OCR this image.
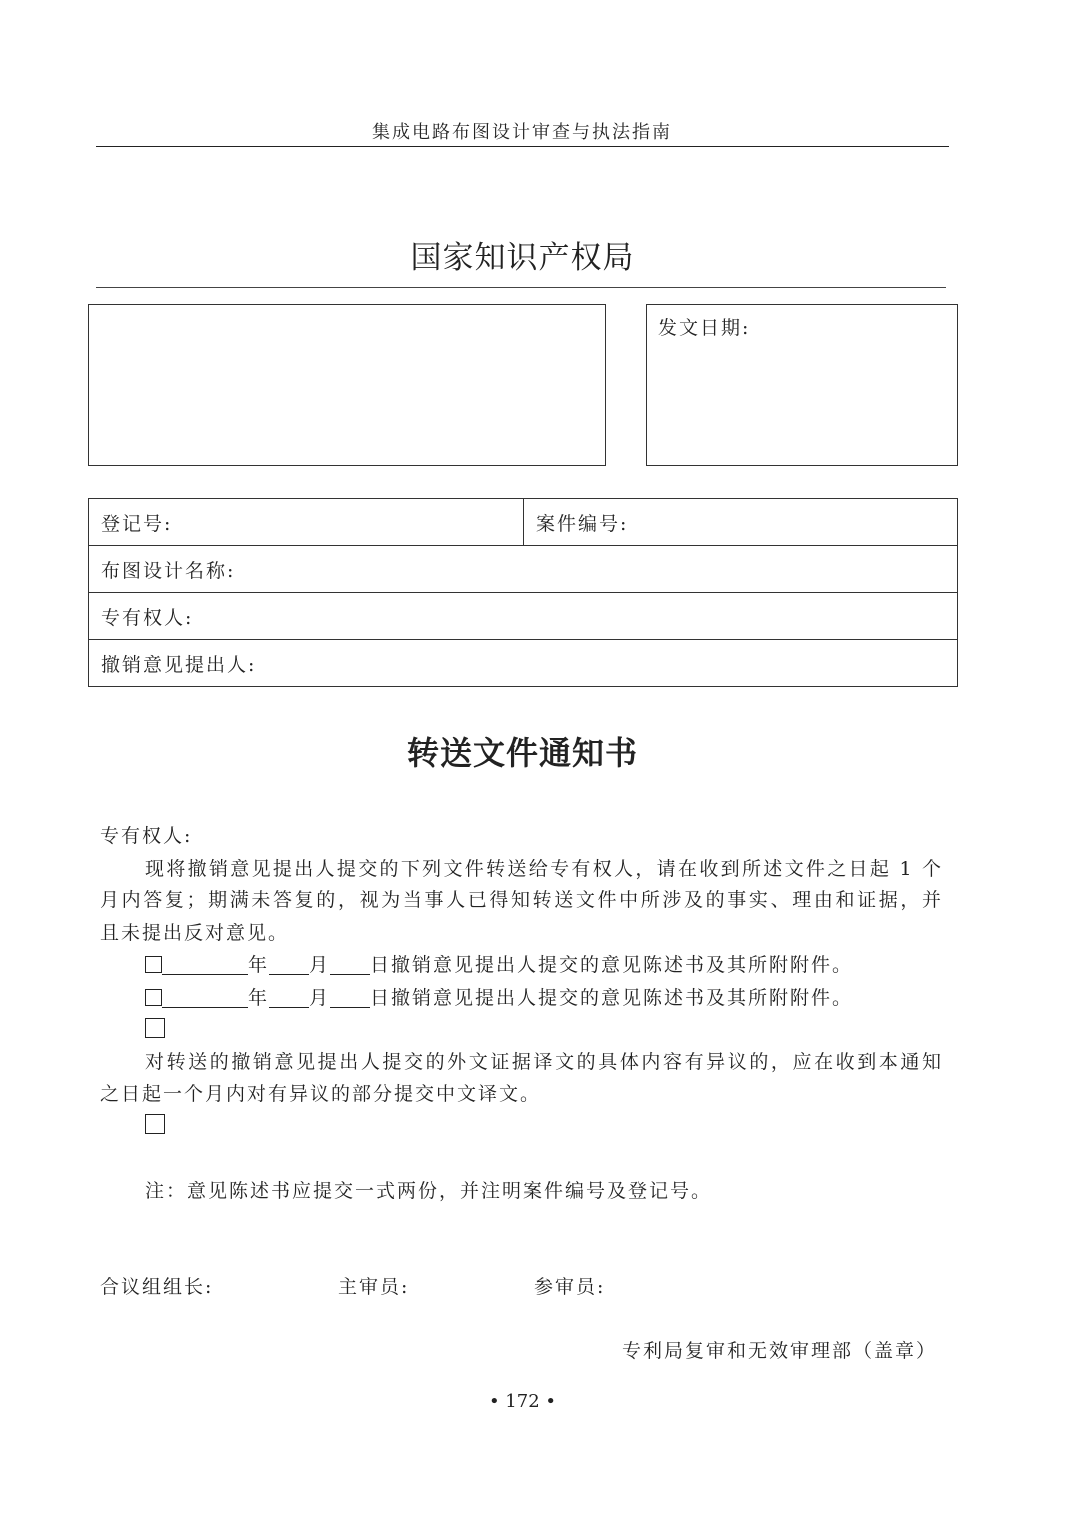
集成电路布图设计审查与执法指南
国家知识产权局
发文日期:
登记号:	案件编号:
布图设计名称:
专有权人:
撤销意见提出人:
转送文件通知书
专有权人:
现将撤销意见提出人提交的下列文件转送给专有权人，请在收到所述文件之日起 1 个
月内答复；期满未答复的，视为当事人已得知转送文件中所涉及的事实、理由和证据，并
且未提出反对意见。
年 月 日撤销意见提出人提交的意见陈述书及其所附附件。
年 月 日撤销意见提出人提交的意见陈述书及其所附附件。
对转送的撤销意见提出人提交的外文证据译文的具体内容有异议的，应在收到本通知
之日起一个月内对有异议的部分提交中文译文。
注：意见陈述书应提交一式两份，并注明案件编号及登记号。
合议组组长:	主审员:	参审员:
专利局复审和无效审理部（盖章）
• 172 •
